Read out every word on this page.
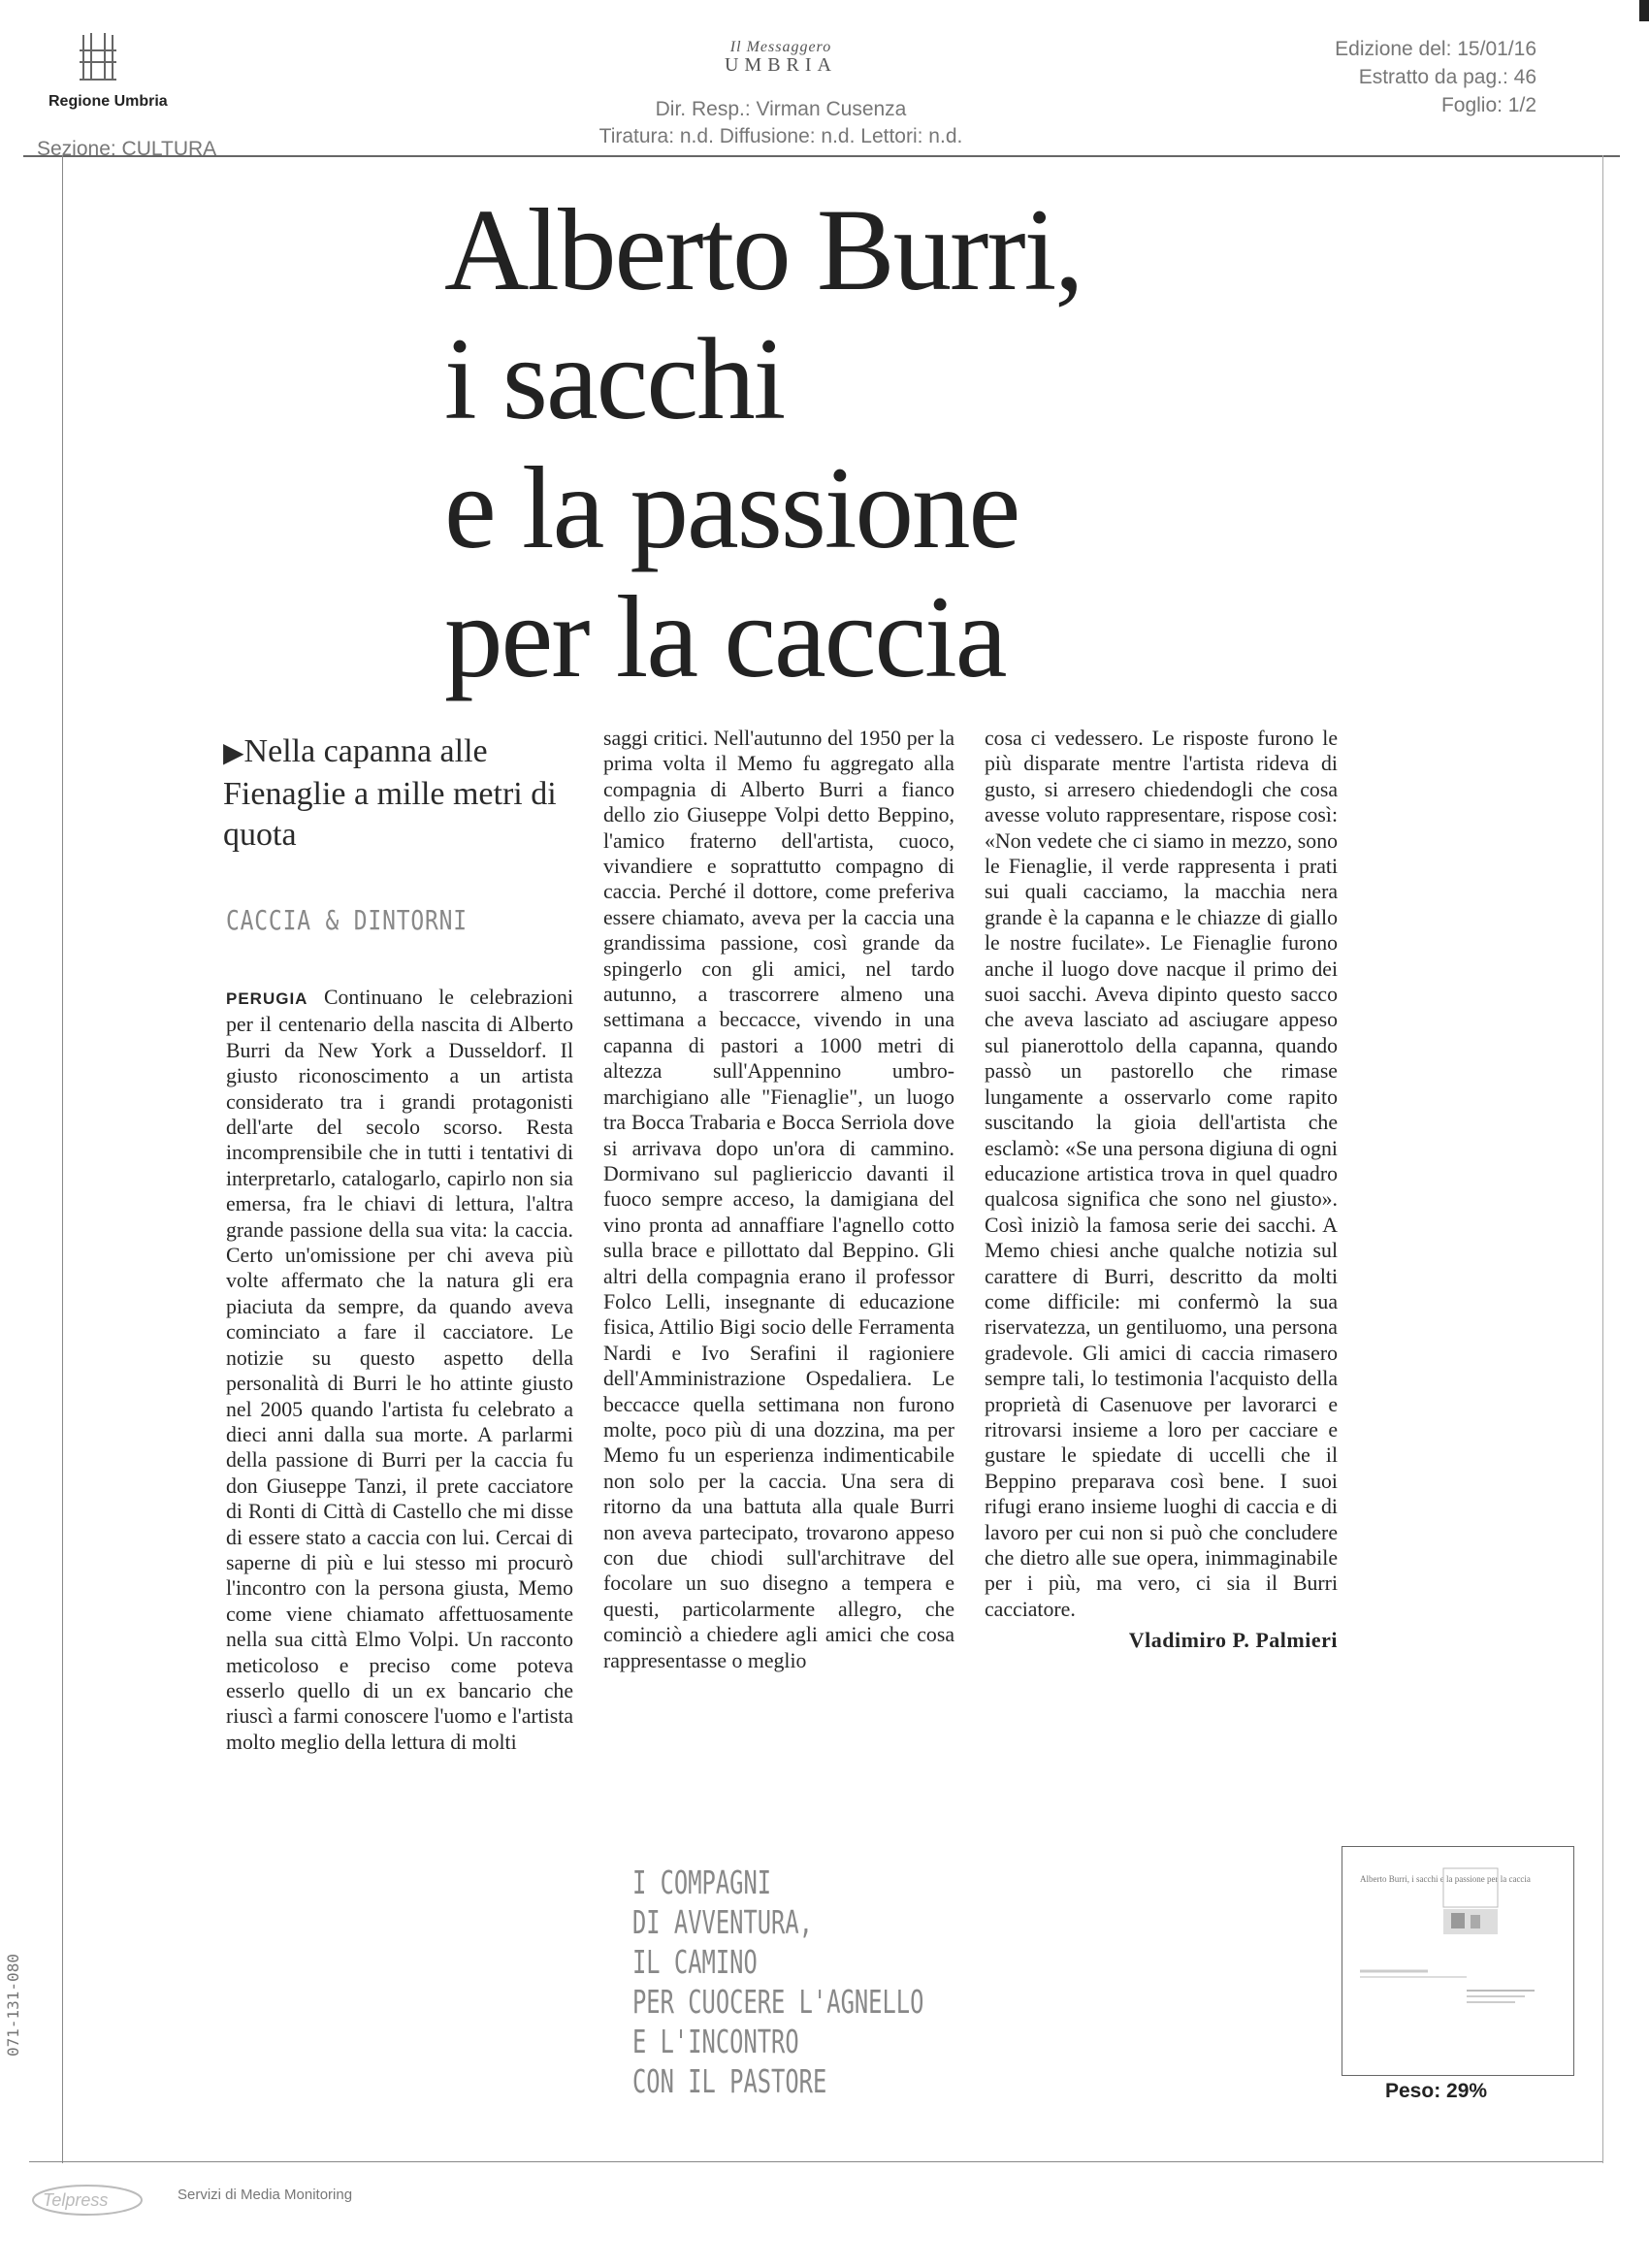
Regione Umbria
Sezione: CULTURA
Il Messaggero
UMBRIA
Dir. Resp.: Virman Cusenza
Tiratura: n.d. Diffusione: n.d. Lettori: n.d.
Edizione del: 15/01/16
Estratto da pag.: 46
Foglio: 1/2
Alberto Burri,
i sacchi
e la passione
per la caccia
▶Nella capanna alle Fienaglie a mille metri di quota
CACCIA & DINTORNI

PERUGIA Continuano le celebrazioni per il centenario della nascita di Alberto Burri da New York a Dusseldorf. Il giusto riconoscimento a un artista considerato tra i grandi protagonisti dell'arte del secolo scorso. Resta incomprensibile che in tutti i tentativi di interpretarlo, catalogarlo, capirlo non sia emersa, fra le chiavi di lettura, l'altra grande passione della sua vita: la caccia. Certo un'omissione per chi aveva più volte affermato che la natura gli era piaciuta da sempre, da quando aveva cominciato a fare il cacciatore. Le notizie su questo aspetto della personalità di Burri le ho attinte giusto nel 2005 quando l'artista fu celebrato a dieci anni dalla sua morte. A parlarmi della passione di Burri per la caccia fu don Giuseppe Tanzi, il prete cacciatore di Ronti di Città di Castello che mi disse di essere stato a caccia con lui. Cercai di saperne di più e lui stesso mi procurò l'incontro con la persona giusta, Memo come viene chiamato affettuosamente nella sua città Elmo Volpi. Un racconto meticoloso e preciso come poteva esserlo quello di un ex bancario che riuscì a farmi conoscere l'uomo e l'artista molto meglio della lettura di molti

saggi critici. Nell'autunno del 1950 per la prima volta il Memo fu aggregato alla compagnia di Alberto Burri a fianco dello zio Giuseppe Volpi detto Beppino, l'amico fraterno dell'artista, cuoco, vivandiere e soprattutto compagno di caccia. Perché il dottore, come preferiva essere chiamato, aveva per la caccia una grandissima passione, così grande da spingerlo con gli amici, nel tardo autunno, a trascorrere almeno una settimana a beccacce, vivendo in una capanna di pastori a 1000 metri di altezza sull'Appennino umbro-marchigiano alle "Fienaglie", un luogo tra Bocca Trabaria e Bocca Serriola dove si arrivava dopo un'ora di cammino. Dormivano sul pagliericcio davanti il fuoco sempre acceso, la damigiana del vino pronta ad annaffiare l'agnello cotto sulla brace e pillottato dal Beppino. Gli altri della compagnia erano il professor Folco Lelli, insegnante di educazione fisica, Attilio Bigi socio delle Ferramenta Nardi e Ivo Serafini il ragioniere dell'Amministrazione Ospedaliera. Le beccacce quella settimana non furono molte, poco più di una dozzina, ma per Memo fu un esperienza indimenticabile non solo per la caccia. Una sera di ritorno da una battuta alla quale Burri non aveva partecipato, trovarono appeso con due chiodi sull'architrave del focolare un suo disegno a tempera e questi, particolarmente allegro, che cominciò a chiedere agli amici che cosa rappresentasse o meglio

cosa ci vedessero. Le risposte furono le più disparate mentre l'artista rideva di gusto, si arresero chiedendogli che cosa avesse voluto rappresentare, rispose così: «Non vedete che ci siamo in mezzo, sono le Fienaglie, il verde rappresenta i prati sui quali cacciamo, la macchia nera grande è la capanna e le chiazze di giallo le nostre fucilate». Le Fienaglie furono anche il luogo dove nacque il primo dei suoi sacchi. Aveva dipinto questo sacco che aveva lasciato ad asciugare appeso sul pianerottolo della capanna, quando passò un pastorello che rimase lungamente a osservarlo come rapito suscitando la gioia dell'artista che esclamò: «Se una persona digiuna di ogni educazione artistica trova in quel quadro qualcosa significa che sono nel giusto». Così iniziò la famosa serie dei sacchi. A Memo chiesi anche qualche notizia sul carattere di Burri, descritto da molti come difficile: mi confermò la sua riservatezza, un gentiluomo, una persona gradevole. Gli amici di caccia rimasero sempre tali, lo testimonia l'acquisto della proprietà di Casenuove per lavorarci e ritrovarsi insieme a loro per cacciare e gustare le spiedate di uccelli che il Beppino preparava così bene. I suoi rifugi erano insieme luoghi di caccia e di lavoro per cui non si può che concludere che dietro alle sue opera, inimmaginabile per i più, ma vero, ci sia il Burri cacciatore.

Vladimiro P. Palmieri
I COMPAGNI
DI AVVENTURA,
IL CAMINO
PER CUOCERE L'AGNELLO
E L'INCONTRO
CON IL PASTORE
Alberto Burri, i sacchi e la passione per la caccia
Peso: 29%
Telpress	Servizi di Media Monitoring
071-131-080
